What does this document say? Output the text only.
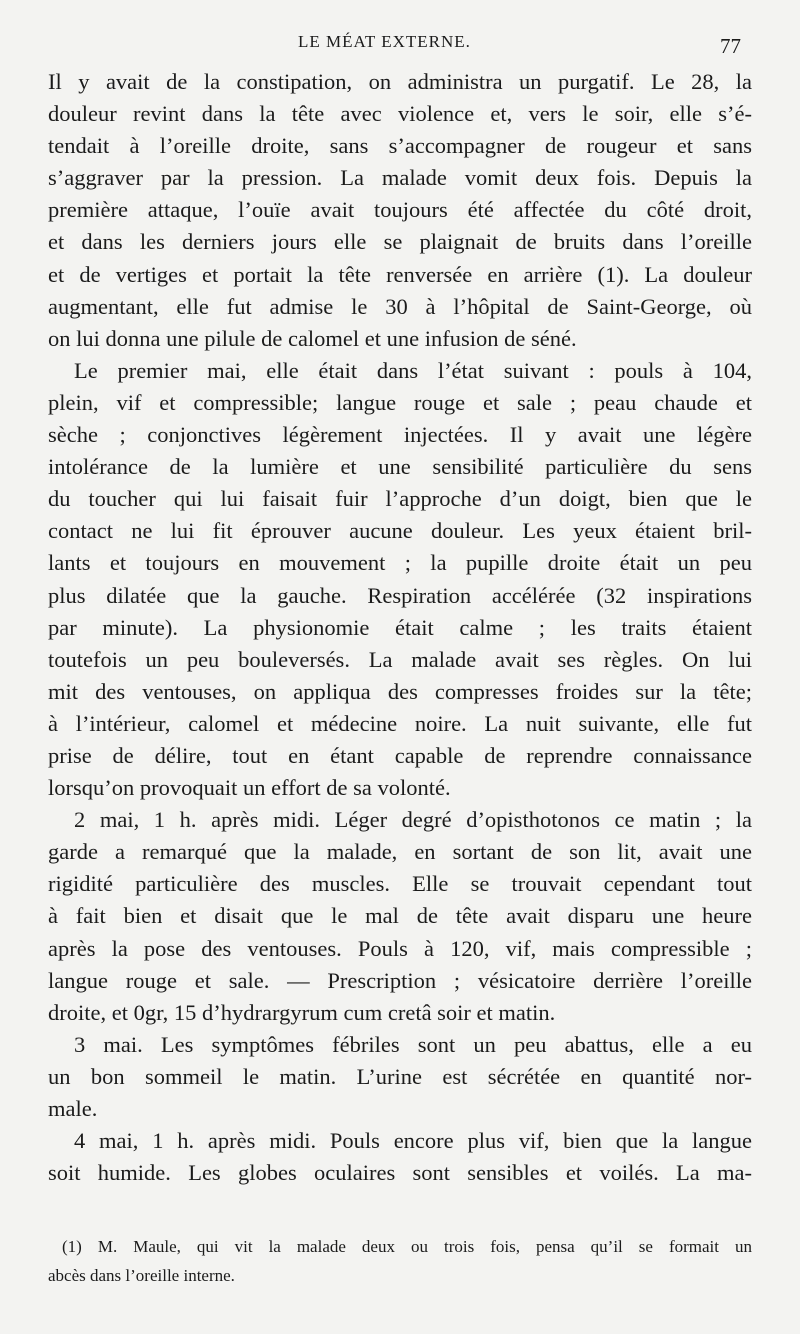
LE MÉAT EXTERNE.	77
Il y avait de la constipation, on administra un purgatif. Le 28, la
douleur revint dans la tête avec violence et, vers le soir, elle s’é-
tendait à l’oreille droite, sans s’accompagner de rougeur et sans
s’aggraver par la pression. La malade vomit deux fois. Depuis la
première attaque, l’ouïe avait toujours été affectée du côté droit,
et dans les derniers jours elle se plaignait de bruits dans l’oreille
et de vertiges et portait la tête renversée en arrière (1). La douleur
augmentant, elle fut admise le 30 à l’hôpital de Saint-George, où
on lui donna une pilule de calomel et une infusion de séné.
Le premier mai, elle était dans l’état suivant : pouls à 104,
plein, vif et compressible; langue rouge et sale ; peau chaude et
sèche ; conjonctives légèrement injectées. Il y avait une légère
intolérance de la lumière et une sensibilité particulière du sens
du toucher qui lui faisait fuir l’approche d’un doigt, bien que le
contact ne lui fit éprouver aucune douleur. Les yeux étaient bril-
lants et toujours en mouvement ; la pupille droite était un peu
plus dilatée que la gauche. Respiration accélérée (32 inspirations
par minute). La physionomie était calme ; les traits étaient
toutefois un peu bouleversés. La malade avait ses règles. On lui
mit des ventouses, on appliqua des compresses froides sur la tête;
à l’intérieur, calomel et médecine noire. La nuit suivante, elle fut
prise de délire, tout en étant capable de reprendre connaissance
lorsqu’on provoquait un effort de sa volonté.
2 mai, 1 h. après midi. Léger degré d’opisthotonos ce matin ; la
garde a remarqué que la malade, en sortant de son lit, avait une
rigidité particulière des muscles. Elle se trouvait cependant tout
à fait bien et disait que le mal de tête avait disparu une heure
après la pose des ventouses. Pouls à 120, vif, mais compressible ;
langue rouge et sale. — Prescription ; vésicatoire derrière l’oreille
droite, et 0gr, 15 d’hydrargyrum cum cretâ soir et matin.
3 mai. Les symptômes fébriles sont un peu abattus, elle a eu
un bon sommeil le matin. L’urine est sécrétée en quantité nor-
male.
4 mai, 1 h. après midi. Pouls encore plus vif, bien que la langue
soit humide. Les globes oculaires sont sensibles et voilés. La ma-
(1) M. Maule, qui vit la malade deux ou trois fois, pensa qu’il se formait un
abcès dans l’oreille interne.
